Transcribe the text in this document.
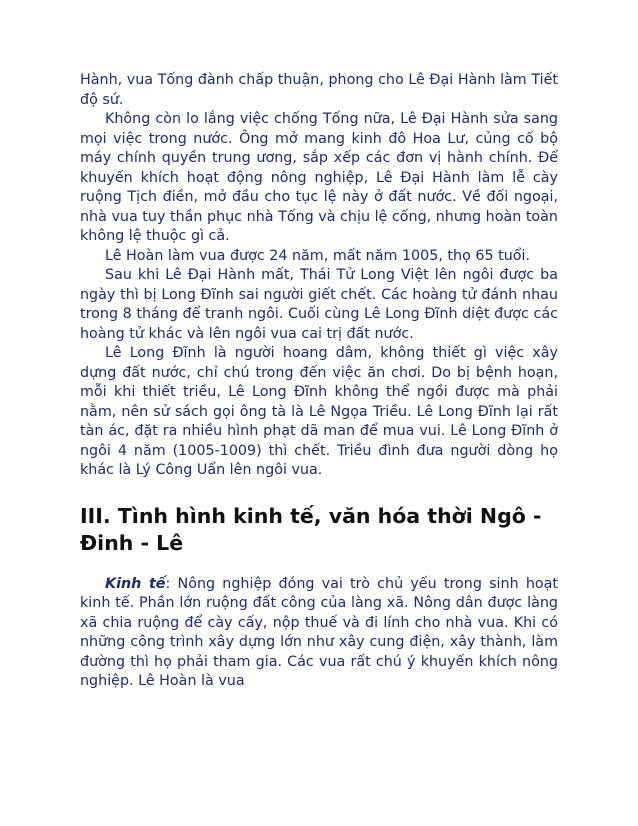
Hành, vua Tống đành chấp thuận, phong cho Lê Đại Hành làm Tiết độ sứ.

Không còn lo lắng việc chống Tống nữa, Lê Đại Hành sửa sang mọi việc trong nước. Ông mở mang kinh đô Hoa Lư, củng cố bộ máy chính quyền trung ương, sắp xếp các đơn vị hành chính. Để khuyến khích hoạt động nông nghiệp, Lê Đại Hành làm lễ cày ruộng Tịch điền, mở đầu cho tục lệ này ở đất nước. Về đối ngoại, nhà vua tuy thần phục nhà Tống và chịu lệ cống, nhưng hoàn toàn không lệ thuộc gì cả.

Lê Hoàn làm vua được 24 năm, mất năm 1005, thọ 65 tuổi.

Sau khi Lê Đại Hành mất, Thái Tử Long Việt lên ngôi được ba ngày thì bị Long Đĩnh sai người giết chết. Các hoàng tử đánh nhau trong 8 tháng để tranh ngôi. Cuối cùng Lê Long Đĩnh diệt được các hoàng tử khác và lên ngôi vua cai trị đất nước.

Lê Long Đĩnh là người hoang dâm, không thiết gì việc xây dựng đất nước, chỉ chú trong đến việc ăn chơi. Do bị bệnh hoạn, mỗi khi thiết triều, Lê Long Đĩnh không thể ngồi được mà phải nằm, nên sử sách gọi ông tà là Lê Ngọa Triều. Lê Long Đĩnh lại rất tàn ác, đặt ra nhiều hình phạt dã man để mua vui. Lê Long Đĩnh ở ngôi 4 năm (1005-1009) thì chết. Triều đình đưa người dòng họ khác là Lý Công Uẩn lên ngôi vua.

III. Tình hình kinh tế, văn hóa thời Ngô - Đinh - Lê

Kinh tế: Nông nghiệp đóng vai trò chủ yếu trong sinh hoạt kinh tế. Phần lớn ruộng đất công của làng xã. Nông dân được làng xã chia ruộng để cày cấy, nộp thuế và đi lính cho nhà vua. Khi có những công trình xây dựng lớn như xây cung điện, xây thành, làm đường thì họ phải tham gia. Các vua rất chú ý khuyến khích nông nghiệp. Lê Hoàn là vua
